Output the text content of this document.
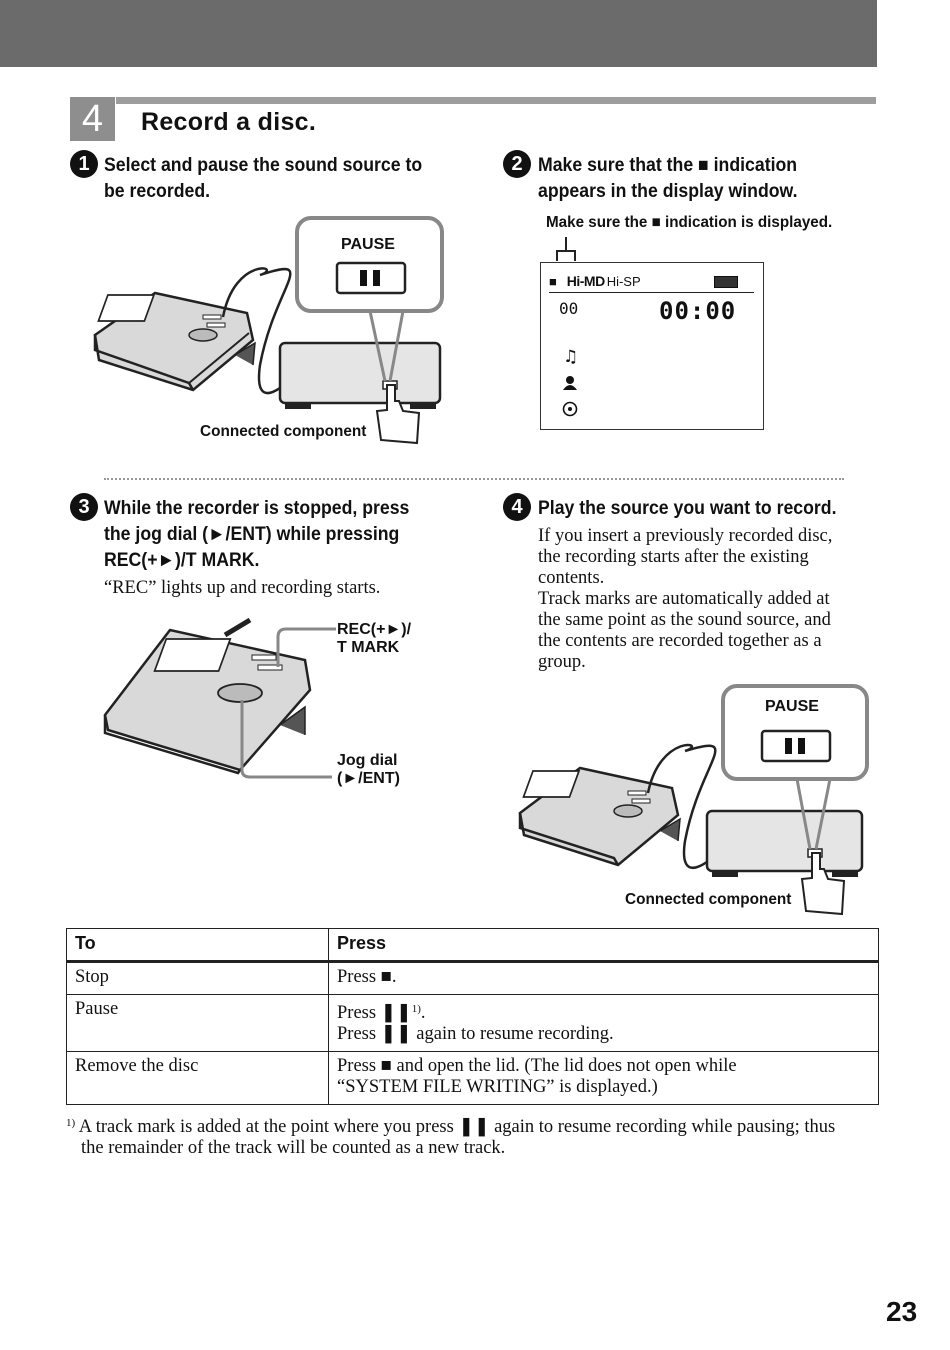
4	Record a disc.
1 Select and pause the sound source to
be recorded.
PAUSE
Connected component
2 Make sure that the ■ indication
appears in the display window.
Make sure the ■ indication is displayed.
■ Hi-MD Hi-SP
00	00:00
♫
3 While the recorder is stopped, press
the jog dial (►/ENT) while pressing
REC(+►)/T MARK.
“REC” lights up and recording starts.
REC(+►)/
T MARK
Jog dial
(►/ENT)
4 Play the source you want to record.
If you insert a previously recorded disc,
the recording starts after the existing
contents.
Track marks are automatically added at
the same point as the sound source, and
the contents are recorded together as a
group.
PAUSE
Connected component
To	Press
Stop	Press ■.

Pause	Press ❚❚$^{1)}$.
Press ❚❚ again to resume recording.

Remove the disc	Press ■ and open the lid. (The lid does not open while
“SYSTEM FILE WRITING” is displayed.)
$^{1)}$ A track mark is added at the point where you press ❚❚ again to resume recording while pausing; thus
the remainder of the track will be counted as a new track.
23
